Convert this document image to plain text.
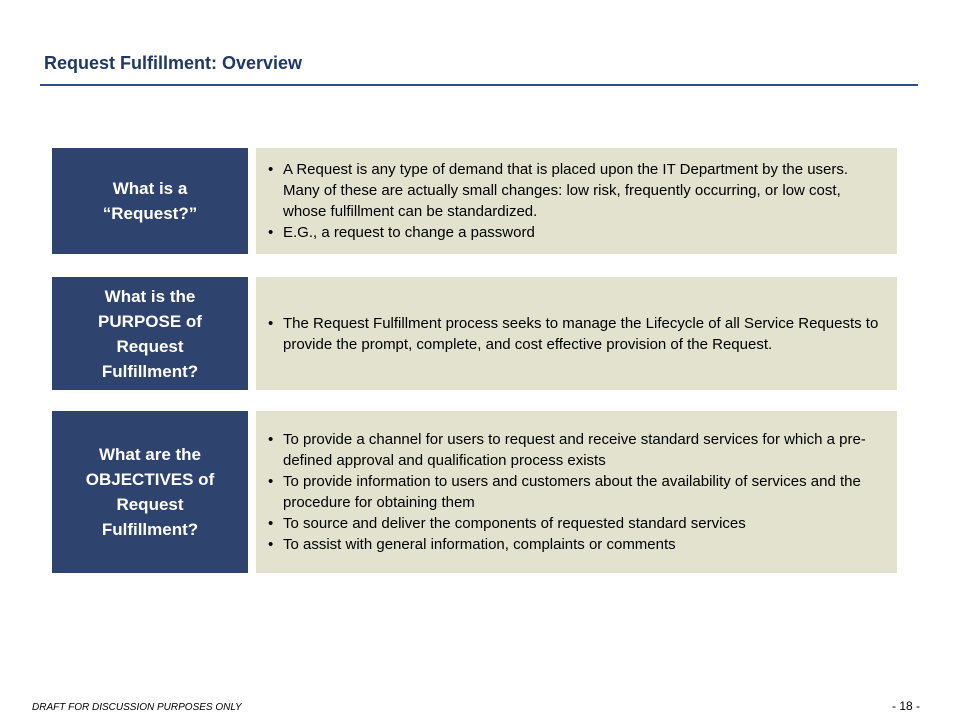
Request Fulfillment: Overview
What is a “Request?”
• A Request is any type of demand that is placed upon the IT Department by the users. Many of these are actually small changes: low risk, frequently occurring, or low cost, whose fulfillment can be standardized.
• E.G., a request to change a password
What is the PURPOSE of Request Fulfillment?
• The Request Fulfillment process seeks to manage the Lifecycle of all Service Requests to provide the prompt, complete, and cost effective provision of the Request.
What are the OBJECTIVES of Request Fulfillment?
• To provide a channel for users to request and receive standard services for which a pre-defined approval and qualification process exists
• To provide information to users and customers about the availability of services and the procedure for obtaining them
• To source and deliver the components of requested standard services
• To assist with general information, complaints or comments
DRAFT FOR DISCUSSION PURPOSES ONLY	- 18 -
